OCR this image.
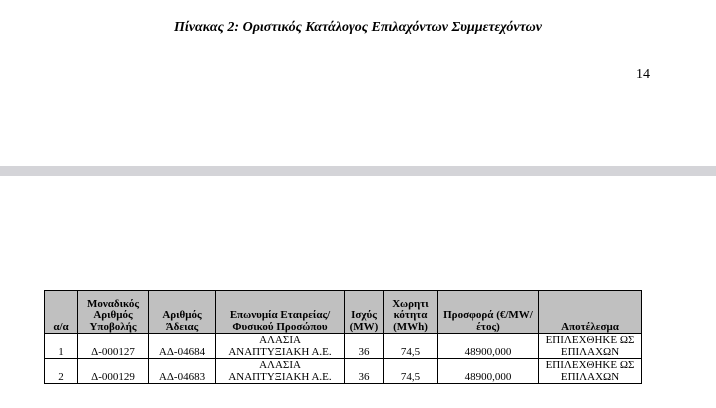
Πίνακας 2: Οριστικός Κατάλογος Επιλαχόντων Συμμετεχόντων
14
α/α	Μοναδικός Αριθμός Υποβολής	Αριθμός Άδειας	Επωνυμία Εταιρείας/Φυσικού Προσώπου	Ισχύς (MW)	Χωρητι κότητα (MWh)	Προσφορά (€/MW/έτος)	Αποτέλεσμα
1	Δ-000127	ΑΔ-04684	ΑΛΑΣΙΑ ΑΝΑΠΤΥΞΙΑΚΗ Α.Ε.	36	74,5	48900,000	ΕΠΙΛΕΧΘΗΚΕ ΩΣ ΕΠΙΛΑΧΩΝ
2	Δ-000129	ΑΔ-04683	ΑΛΑΣΙΑ ΑΝΑΠΤΥΞΙΑΚΗ Α.Ε.	36	74,5	48900,000	ΕΠΙΛΕΧΘΗΚΕ ΩΣ ΕΠΙΛΑΧΩΝ
